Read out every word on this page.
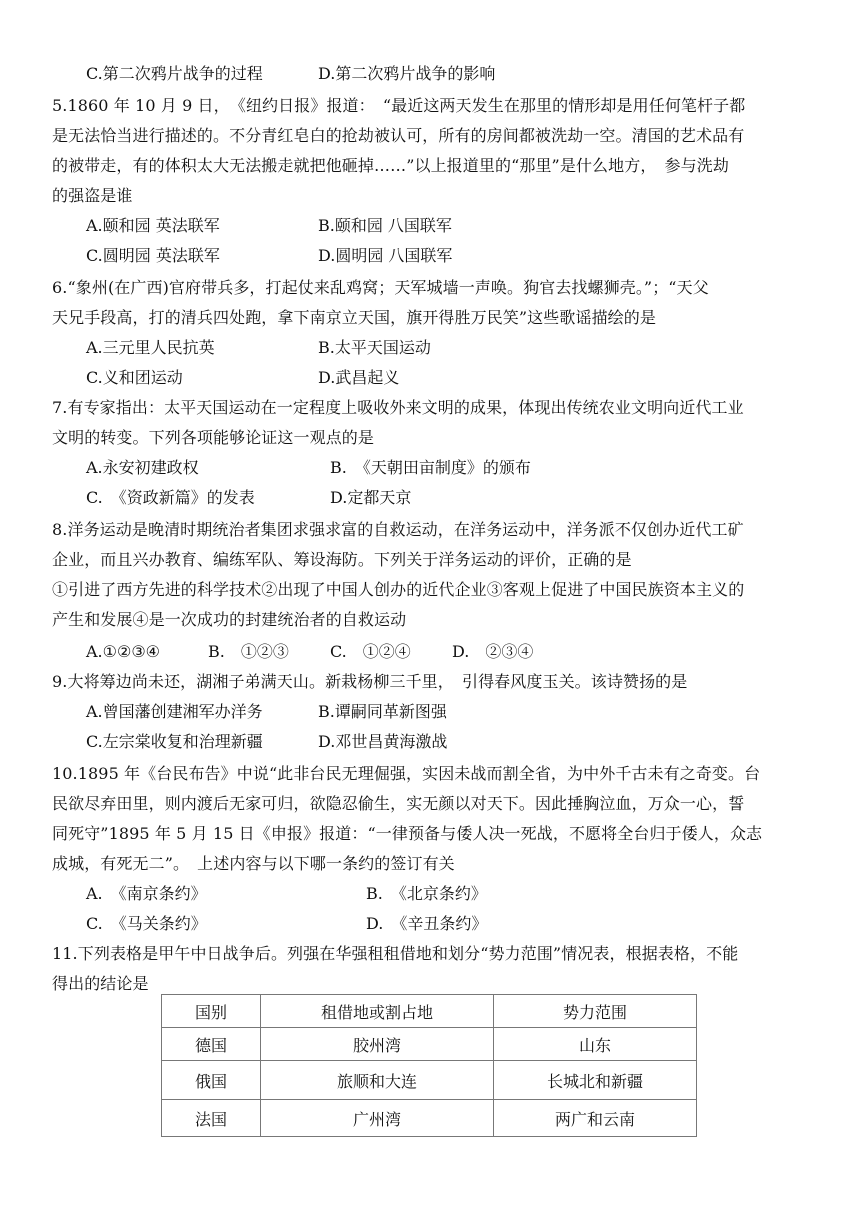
C.第二次鸦片战争的过程	D.第二次鸦片战争的影响
5.1860 年 10 月 9 日，　《纽约日报》报道：　“最近这两天发生在那里的情形却是用任何笔杆子都
是无法恰当进行描述的。不分青红皂白的抢劫被认可，所有的房间都被洗劫一空。清国的艺术品有
的被带走，有的体积太大无法搬走就把他砸掉……”以上报道里的“那里”是什么地方，　参与洗劫
的强盗是谁
A.颐和园 英法联军	B.颐和园 八国联军
C.圆明园 英法联军	D.圆明园 八国联军
6.“象州(在广西)官府带兵多，打起仗来乱鸡窝；天军城墙一声唤。狗官去找螺狮壳。”；“天父
天兄手段高，打的清兵四处跑，拿下南京立天国，旗开得胜万民笑”这些歌谣描绘的是
A.三元里人民抗英	B.太平天国运动
C.义和团运动	D.武昌起义
7.有专家指出：太平天国运动在一定程度上吸收外来文明的成果，体现出传统农业文明向近代工业
文明的转变。下列各项能够论证这一观点的是
A.永安初建政权	B.　《天朝田亩制度》的颁布
C.　《资政新篇》的发表	D.定都天京
8.洋务运动是晚清时期统治者集团求强求富的自救运动，在洋务运动中，洋务派不仅创办近代工矿
企业，而且兴办教育、编练军队、筹设海防。下列关于洋务运动的评价，正确的是
①引进了西方先进的科学技术②出现了中国人创办的近代企业③客观上促进了中国民族资本主义的
产生和发展④是一次成功的封建统治者的自救运动
A.①②③④	B.　①②③	C.　①②④	D.　②③④
9.大将筹边尚未还，湖湘子弟满天山。新栽杨柳三千里，　引得春风度玉关。该诗赞扬的是
A.曾国藩创建湘军办洋务	B.谭嗣同革新图强
C.左宗棠收复和治理新疆	D.邓世昌黄海激战
10.1895 年《台民布告》中说“此非台民无理倔强，实因未战而割全省，为中外千古未有之奇变。台
民欲尽弃田里，则内渡后无家可归，欲隐忍偷生，实无颜以对天下。因此捶胸泣血，万众一心，誓
同死守”1895 年 5 月 15 日《申报》报道：“一律预备与倭人决一死战，不愿将全台归于倭人，众志
成城，有死无二”。　上述内容与以下哪一条约的签订有关
A.　《南京条约》	B.　《北京条约》
C.　《马关条约》	D.　《辛丑条约》
11.下列表格是甲午中日战争后。列强在华强租租借地和划分“势力范围”情况表，根据表格，不能
得出的结论是
国别	租借地或割占地	势力范围
德国	胶州湾	山东
俄国	旅顺和大连	长城北和新疆
法国	广州湾	两广和云南
